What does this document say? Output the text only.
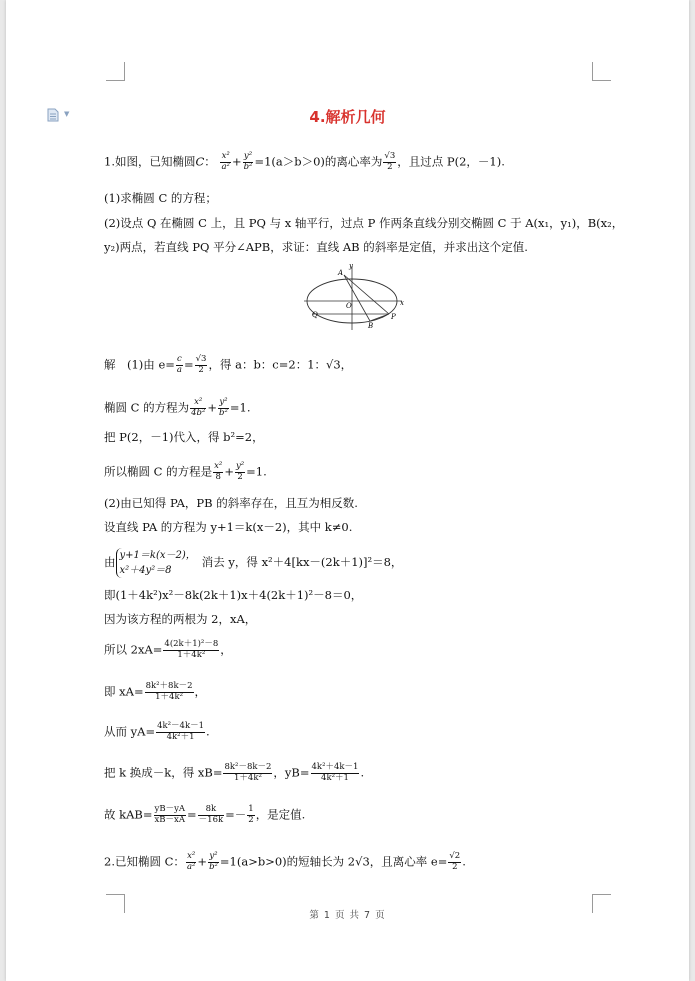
▼	4.解析几何
1.如图，已知椭圆C： $\frac{\text{x²}}{\text{a²}} + \frac{\text{y²}}{\text{b²}} =1(a>b>0)$的离心率为 $\frac{√3}{2}$ ，且过点 P(2，－1).
(1)求椭圆 C 的方程；
(2)设点 Q 在椭圆 C 上，且 PQ 与 x 轴平行，过点 P 作两条直线分别交椭圆 C 于 A(x₁，y₁)，B(x₂，
y₂)两点，若直线 PQ 平分∠APB，求证：直线 AB 的斜率是定值，并求出这个定值.
y
A
O	x
Q
B
P
解　(1)由 $e= \frac{c}{a} = \frac{√3}{2}$ ，得 a：b：c=2：1：√3，
椭圆 C 的方程为 $\frac{\text{x²}}{\text{4b²}} + \frac{\text{y²}}{\text{b²}} =1$.
把 P(2，－1)代入，得 b²=2，
所以椭圆 C 的方程是 $\frac{\text{x²}}{8} + \frac{\text{y²}}{2} =1$.
(2)由已知得 PA，PB 的斜率存在，且互为相反数.
设直线 PA 的方程为 y+1＝k(x－2)，其中 k≠0.
由 y+1＝k(x－2)，
x²＋4y²＝8消去 y，得 x²＋4[kx－(2k＋1)]²＝8，
即(1＋4k²)x²－8k(2k＋1)x＋4(2k＋1)²－8＝0，
因为该方程的两根为 2，xA，
所以 $2xA= \frac{\text{4(2k＋1)²－8}}{\text{1＋4k²}}$ ，
即 $xA= \frac{\text{8k²＋8k－2}}{\text{1＋4k²}}$ ，
从而 $yA= \frac{\text{4k²－4k－1}}{\text{4k²＋1}}$ .
把 k 换成－k，得 $xB= \frac{\text{8k²－8k－2}}{\text{1＋4k²}}$ ，$yB= \frac{\text{4k²＋4k－1}}{\text{4k²＋1}}$ .
故 $kAB= \frac{yB-yA}{xB-xA} = \frac{8k}{-16k} =- \frac{1}{2}$ ，是定值.
2.已知椭圆 C： $\frac{\text{x²}}{\text{a²}} + \frac{\text{y²}}{\text{b²}} =1(a>b>0)$的短轴长为 2√3，且离心率 $e= \frac{√2}{2}$ .
第 1 页 共 7 页
